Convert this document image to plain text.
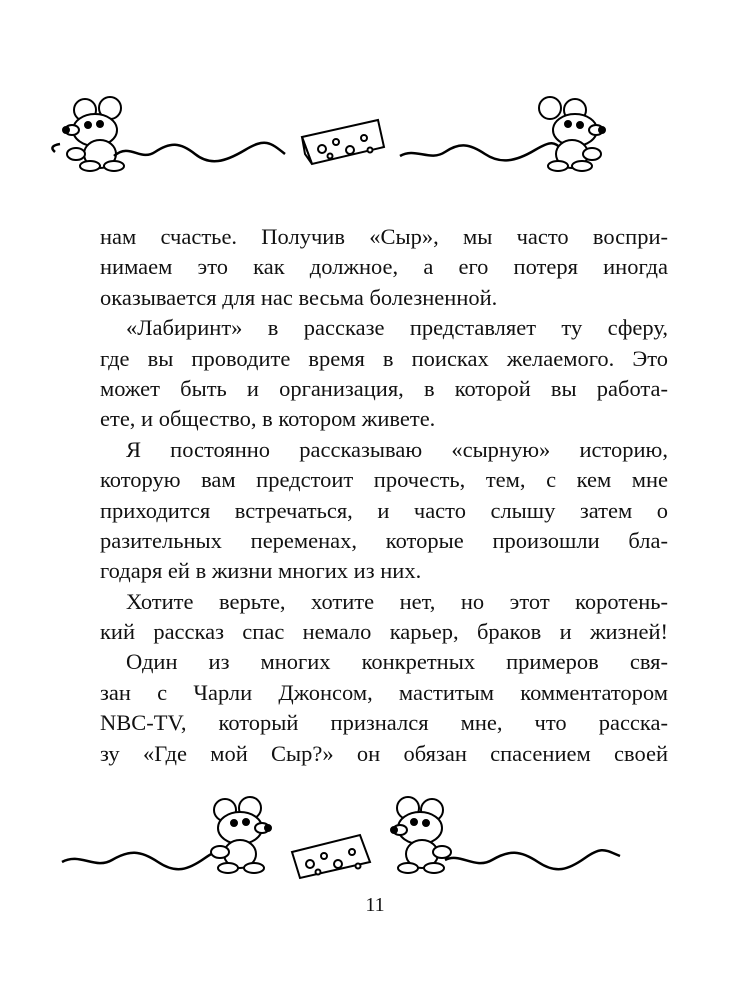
нам счастье. Получив «Сыр», мы часто воспри-
нимаем это как должное, а его потеря иногда
оказывается для нас весьма болезненной.
«Лабиринт» в рассказе представляет ту сферу,
где вы проводите время в поисках желаемого. Это
может быть и организация, в которой вы работа-
ете, и общество, в котором живете.
Я постоянно рассказываю «сырную» историю,
которую вам предстоит прочесть, тем, с кем мне
приходится встречаться, и часто слышу затем о
разительных переменах, которые произошли бла-
годаря ей в жизни многих из них.
Хотите верьте, хотите нет, но этот коротень-
кий рассказ спас немало карьер, браков и жизней!
Один из многих конкретных примеров свя-
зан с Чарли Джонсом, маститым комментатором
NBC-TV, который признался мне, что расска-
зу «Где мой Сыр?» он обязан спасением своей
11
